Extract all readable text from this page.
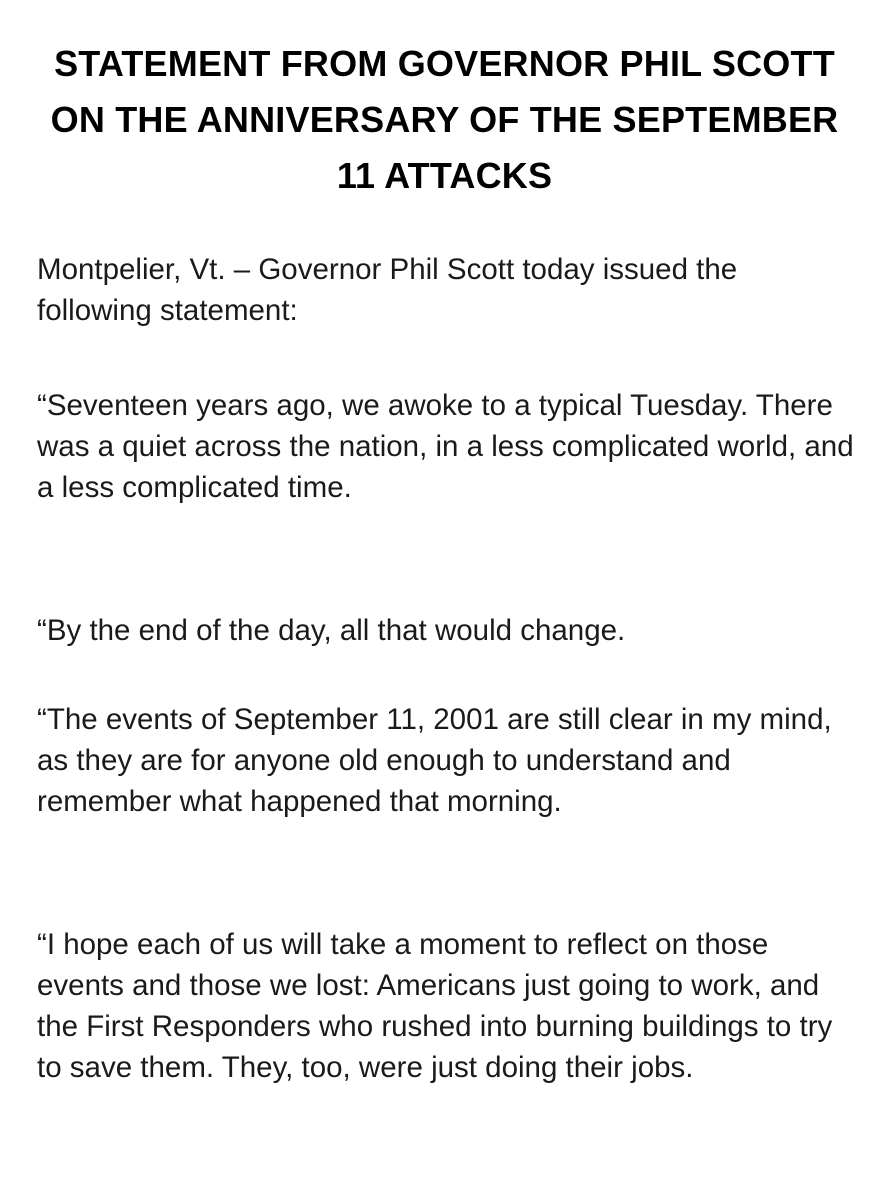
STATEMENT FROM GOVERNOR PHIL SCOTT ON THE ANNIVERSARY OF THE SEPTEMBER 11 ATTACKS

Montpelier, Vt. – Governor Phil Scott today issued the following statement:

“Seventeen years ago, we awoke to a typical Tuesday. There was a quiet across the nation, in a less complicated world, and a less complicated time.

“By the end of the day, all that would change.

“The events of September 11, 2001 are still clear in my mind, as they are for anyone old enough to understand and remember what happened that morning.

“I hope each of us will take a moment to reflect on those events and those we lost: Americans just going to work, and the First Responders who rushed into burning buildings to try to save them. They, too, were just doing their jobs.
